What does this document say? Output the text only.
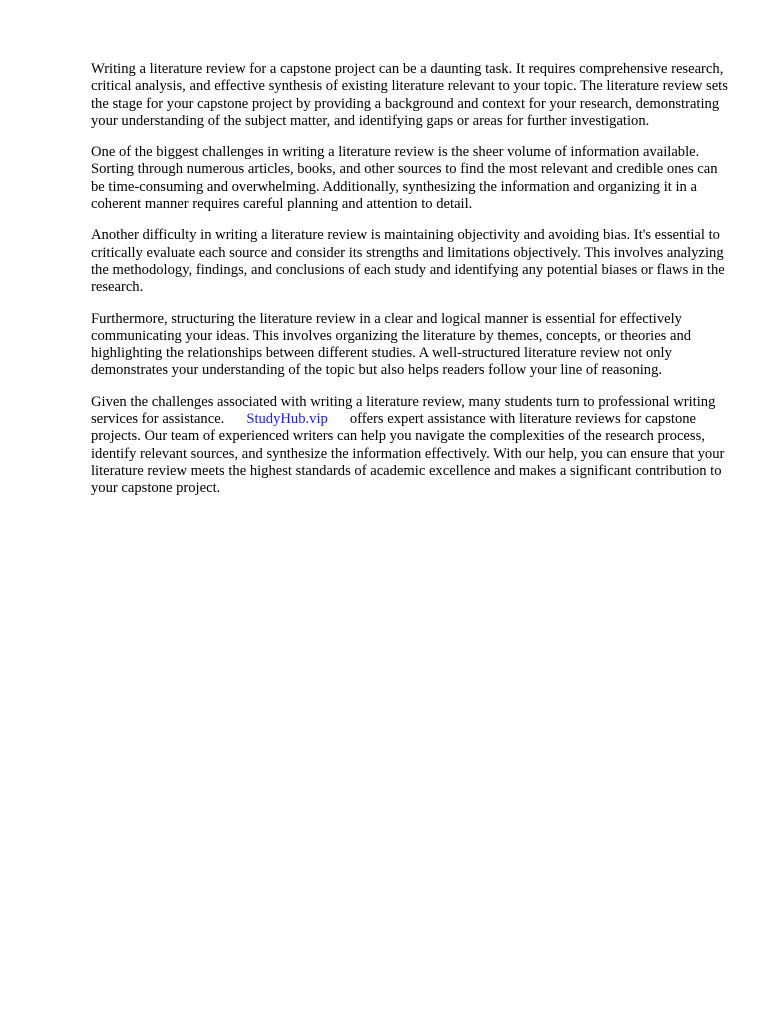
Writing a literature review for a capstone project can be a daunting task. It requires comprehensive research, critical analysis, and effective synthesis of existing literature relevant to your topic. The literature review sets the stage for your capstone project by providing a background and context for your research, demonstrating your understanding of the subject matter, and identifying gaps or areas for further investigation.

One of the biggest challenges in writing a literature review is the sheer volume of information available. Sorting through numerous articles, books, and other sources to find the most relevant and credible ones can be time-consuming and overwhelming. Additionally, synthesizing the information and organizing it in a coherent manner requires careful planning and attention to detail.

Another difficulty in writing a literature review is maintaining objectivity and avoiding bias. It's essential to critically evaluate each source and consider its strengths and limitations objectively. This involves analyzing the methodology, findings, and conclusions of each study and identifying any potential biases or flaws in the research.

Furthermore, structuring the literature review in a clear and logical manner is essential for effectively communicating your ideas. This involves organizing the literature by themes, concepts, or theories and highlighting the relationships between different studies. A well-structured literature review not only demonstrates your understanding of the topic but also helps readers follow your line of reasoning.

Given the challenges associated with writing a literature review, many students turn to professional writing services for assistance. StudyHub.vip offers expert assistance with literature reviews for capstone projects. Our team of experienced writers can help you navigate the complexities of the research process, identify relevant sources, and synthesize the information effectively. With our help, you can ensure that your literature review meets the highest standards of academic excellence and makes a significant contribution to your capstone project.
